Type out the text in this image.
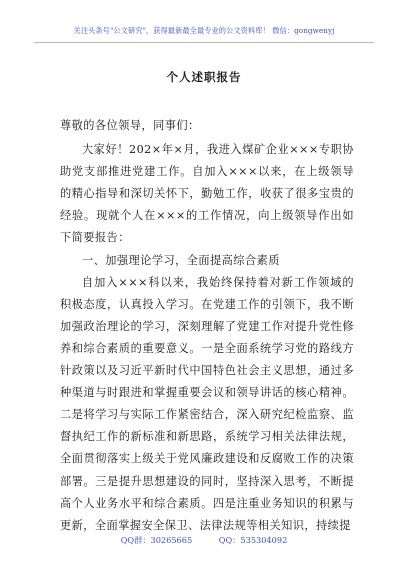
关注头条号"公文研究"，获得最新最全最专业的公文资料库！ 微信：gongwenyj
个人述职报告

尊敬的各位领导，同事们：

大家好！202×年×月，我进入煤矿企业×××专职协助党支部推进党建工作。自加入×××以来，在上级领导的精心指导和深切关怀下，勤勉工作，收获了很多宝贵的经验。现就个人在×××的工作情况，向上级领导作出如下简要报告：

一、加强理论学习，全面提高综合素质

自加入×××科以来，我始终保持着对新工作领域的积极态度，认真投入学习。在党建工作的引领下，我不断加强政治理论的学习，深刻理解了党建工作对提升党性修养和综合素质的重要意义。一是全面系统学习党的路线方针政策以及习近平新时代中国特色社会主义思想，通过多种渠道与时跟进和掌握重要会议和领导讲话的核心精神。二是将学习与实际工作紧密结合，深入研究纪检监察、监督执纪工作的新标准和新思路，系统学习相关法律法规，全面贯彻落实上级关于党风廉政建设和反腐败工作的决策部署。三是提升思想建设的同时，坚持深入思考，不断提高个人业务水平和综合素质。四是注重业务知识的积累与更新，全面掌握安全保卫、法律法规等相关知识，持续提

QQ群：30265665	QQ：535304092
